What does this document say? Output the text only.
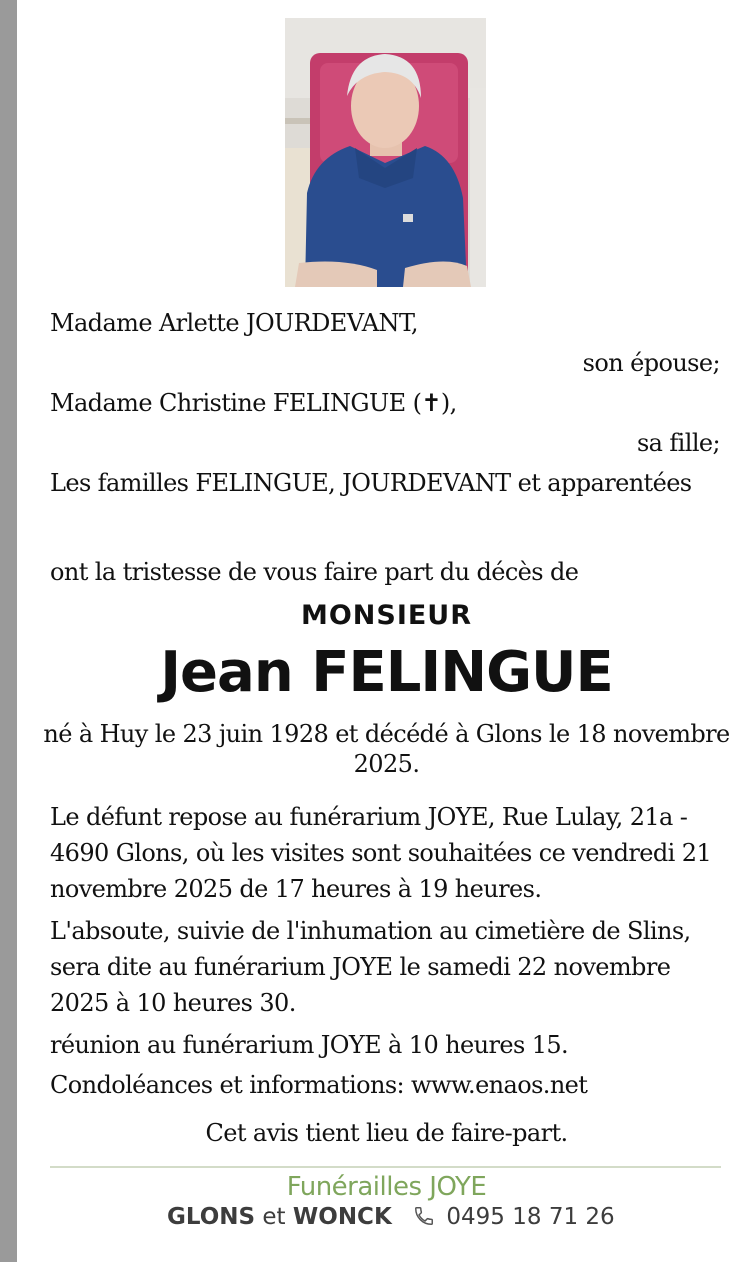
Madame Arlette JOURDEVANT,
son épouse;
Madame Christine FELINGUE (✝),
sa fille;
Les familles FELINGUE, JOURDEVANT et apparentées
ont la tristesse de vous faire part du décès de
MONSIEUR
Jean FELINGUE
né à Huy le 23 juin 1928 et décédé à Glons le 18 novembre
2025.
Le défunt repose au funérarium JOYE, Rue Lulay, 21a - 4690 Glons, où les visites sont souhaitées ce vendredi 21 novembre 2025 de 17 heures à 19 heures.
L'absoute, suivie de l'inhumation au cimetière de Slins, sera dite au funérarium JOYE le samedi 22 novembre 2025 à 10 heures 30.
réunion au funérarium JOYE à 10 heures 15.
Condoléances et informations: www.enaos.net
Cet avis tient lieu de faire-part.
Funérailles JOYE
GLONS et WONCK 0495 18 71 26
